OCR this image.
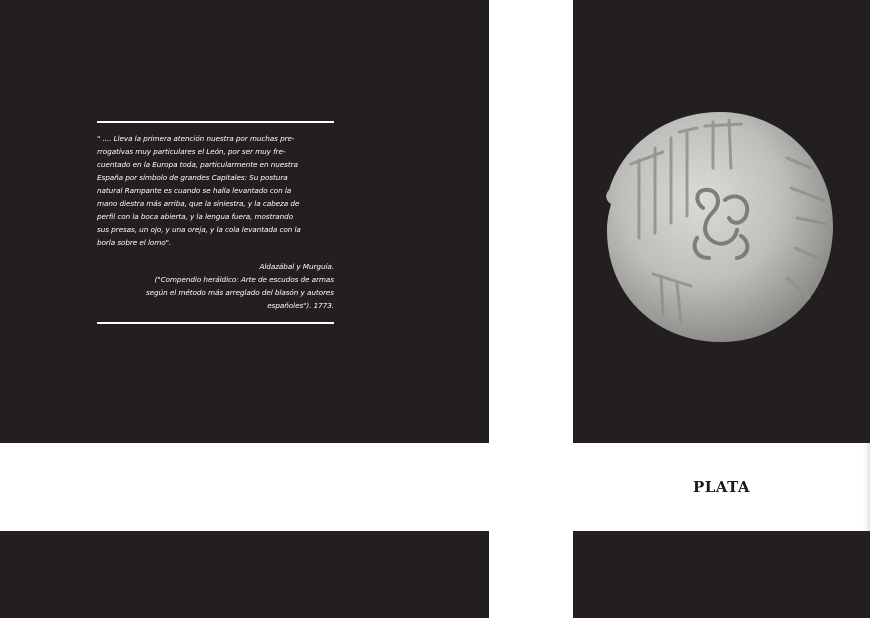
" .... Lleva la primera atención nuestra por muchas pre-
rrogativas muy particulares el León, por ser muy fre-
cuentado en la Europa toda, particularmente en nuestra
España por símbolo de grandes Capitales: Su postura
natural Rampante es cuando se halla levantado con la
mano diestra más arriba, que la siniestra, y la cabeza de
perfil con la boca abierta, y la lengua fuera, mostrando
sus presas, un ojo, y una oreja, y la cola levantada con la
borla sobre el lomo".
Aldazábal y Murguía.
("Compendio heráldico: Arte de escudos de armas
según el método más arreglado del blasón y autores
españoles"). 1773.
PLATA
